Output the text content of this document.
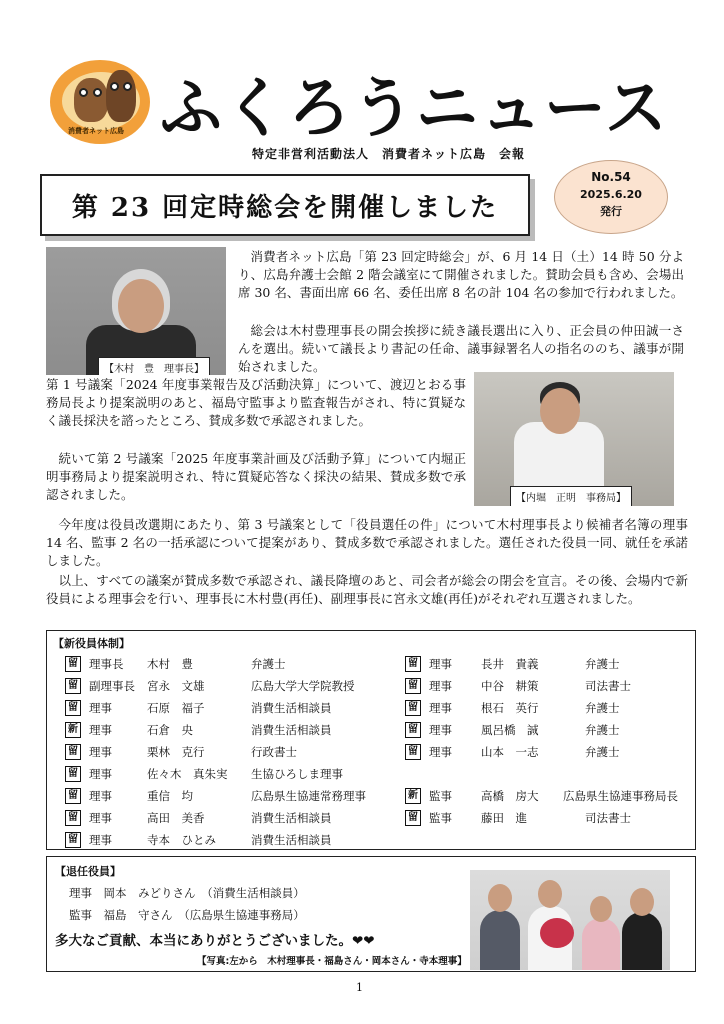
消費者ネット広島 ふくろうニュース
特定非営利活動法人　消費者ネット広島　会報
第 23 回定時総会を開催しました
No.54
2025.6.20
発行
【木村　豊　理事長】
【内堀　正明　事務局】

消費者ネット広島「第 23 回定時総会」が、6 月 14 日（土）14 時 50 分より、広島弁護士会館 2 階会議室にて開催されました。賛助会員も含め、会場出席 30 名、書面出席 66 名、委任出席 8 名の計 104 名の参加で行われました。

総会は木村豊理事長の開会挨拶に続き議長選出に入り、正会員の仲田誠一さんを選出。続いて議長より書記の任命、議事録署名人の指名ののち、議事が開始されました。

第 1 号議案「2024 年度事業報告及び活動決算」について、渡辺とおる事務局長より提案説明のあと、福島守監事より監査報告がされ、特に質疑なく議長採決を諮ったところ、賛成多数で承認されました。

続いて第 2 号議案「2025 年度事業計画及び活動予算」について内堀正明事務局より提案説明され、特に質疑応答なく採決の結果、賛成多数で承認されました。

今年度は役員改選期にあたり、第 3 号議案として「役員選任の件」について木村理事長より候補者名簿の理事 14 名、監事 2 名の一括承認について提案があり、賛成多数で承認されました。選任された役員一同、就任を承諾しました。

以上、すべての議案が賛成多数で承認され、議長降壇のあと、司会者が総会の閉会を宣言。その後、会場内で新役員による理事会を行い、理事長に木村豊(再任)、副理事長に宮永文雄(再任)がそれぞれ互選されました。

【新役員体制】
留 理事長	木村　豊	弁護士
留 副理事長	宮永　文雄	広島大学大学院教授
留 理事	石原　福子	消費生活相談員
新 理事	石倉　央	消費生活相談員
留 理事	栗林　克行	行政書士
留 理事	佐々木　真朱実	生協ひろしま理事
留 理事	重信　均	広島県生協連常務理事
留 理事	高田　美香	消費生活相談員
留 理事	寺本　ひとみ	消費生活相談員
留 理事	長井　貴義	弁護士
留 理事	中谷　耕策	司法書士
留 理事	根石　英行	弁護士
留 理事	風呂橋　誠	弁護士
留 理事	山本　一志	弁護士
新 監事	高橋　房大	広島県生協連事務局長
留 監事	藤田　進	司法書士
【退任役員】
理事　岡本　みどりさん　（消費生活相談員）
監事　福島　守さん　（広島県生協連事務局）
多大なご貢献、本当にありがとうございました。❤❤
【写真:左から　木村理事長・福島さん・岡本さん・寺本理事】
1
